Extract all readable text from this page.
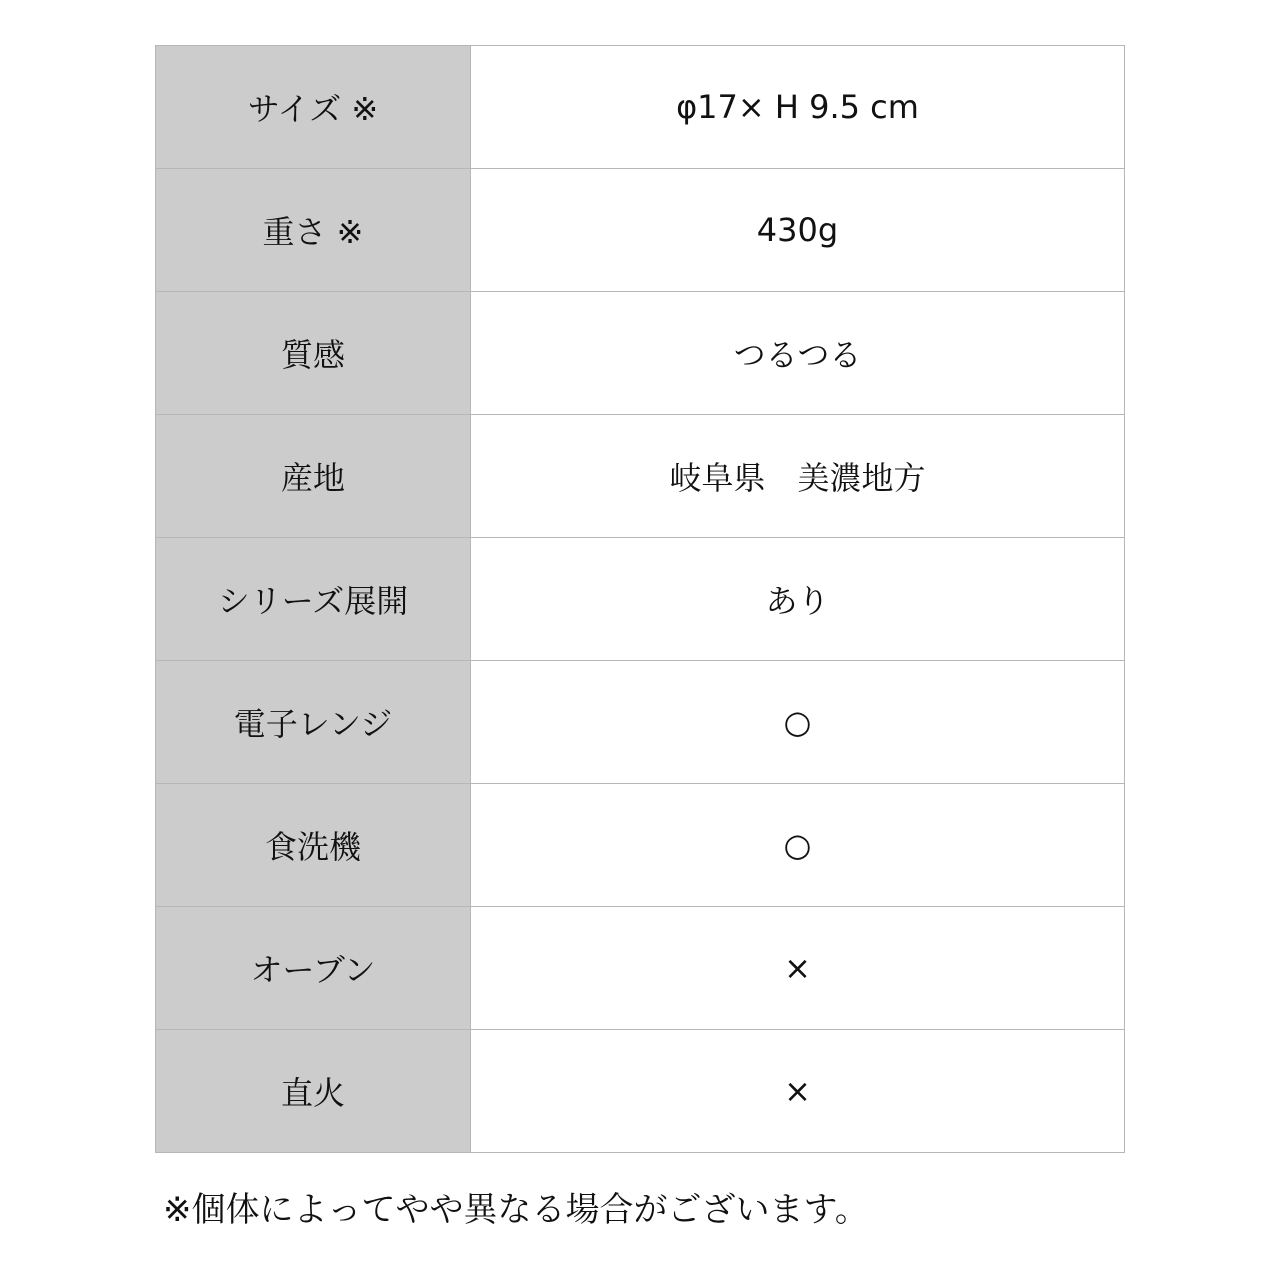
サイズ ※	φ17× H 9.5 cm
重さ ※	430g
質感	つるつる
産地	岐阜県　美濃地方
シリーズ展開	あり
電子レンジ	○
食洗機	○
オーブン	×
直火	×
※個体によってやや異なる場合がございます。
